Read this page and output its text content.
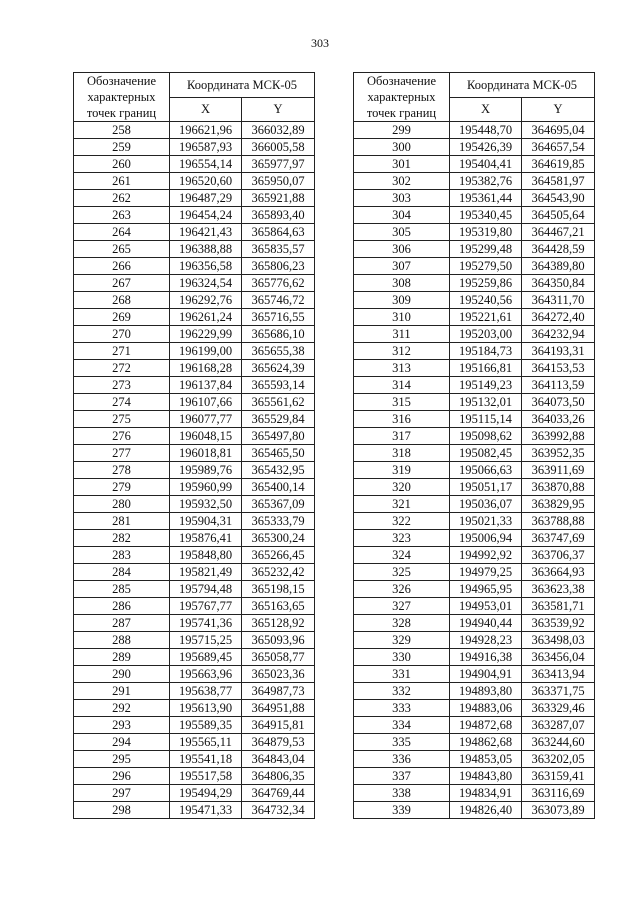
303
Обозначение характерных точек границ	Координата МСК-05	
	X	Y
258	196621,96	366032,89
259	196587,93	366005,58
260	196554,14	365977,97
261	196520,60	365950,07
262	196487,29	365921,88
263	196454,24	365893,40
264	196421,43	365864,63
265	196388,88	365835,57
266	196356,58	365806,23
267	196324,54	365776,62
268	196292,76	365746,72
269	196261,24	365716,55
270	196229,99	365686,10
271	196199,00	365655,38
272	196168,28	365624,39
273	196137,84	365593,14
274	196107,66	365561,62
275	196077,77	365529,84
276	196048,15	365497,80
277	196018,81	365465,50
278	195989,76	365432,95
279	195960,99	365400,14
280	195932,50	365367,09
281	195904,31	365333,79
282	195876,41	365300,24
283	195848,80	365266,45
284	195821,49	365232,42
285	195794,48	365198,15
286	195767,77	365163,65
287	195741,36	365128,92
288	195715,25	365093,96
289	195689,45	365058,77
290	195663,96	365023,36
291	195638,77	364987,73
292	195613,90	364951,88
293	195589,35	364915,81
294	195565,11	364879,53
295	195541,18	364843,04
296	195517,58	364806,35
297	195494,29	364769,44
298	195471,33	364732,34
Обозначение характерных точек границ	Координата МСК-05	
	X	Y
299	195448,70	364695,04
300	195426,39	364657,54
301	195404,41	364619,85
302	195382,76	364581,97
303	195361,44	364543,90
304	195340,45	364505,64
305	195319,80	364467,21
306	195299,48	364428,59
307	195279,50	364389,80
308	195259,86	364350,84
309	195240,56	364311,70
310	195221,61	364272,40
311	195203,00	364232,94
312	195184,73	364193,31
313	195166,81	364153,53
314	195149,23	364113,59
315	195132,01	364073,50
316	195115,14	364033,26
317	195098,62	363992,88
318	195082,45	363952,35
319	195066,63	363911,69
320	195051,17	363870,88
321	195036,07	363829,95
322	195021,33	363788,88
323	195006,94	363747,69
324	194992,92	363706,37
325	194979,25	363664,93
326	194965,95	363623,38
327	194953,01	363581,71
328	194940,44	363539,92
329	194928,23	363498,03
330	194916,38	363456,04
331	194904,91	363413,94
332	194893,80	363371,75
333	194883,06	363329,46
334	194872,68	363287,07
335	194862,68	363244,60
336	194853,05	363202,05
337	194843,80	363159,41
338	194834,91	363116,69
339	194826,40	363073,89
